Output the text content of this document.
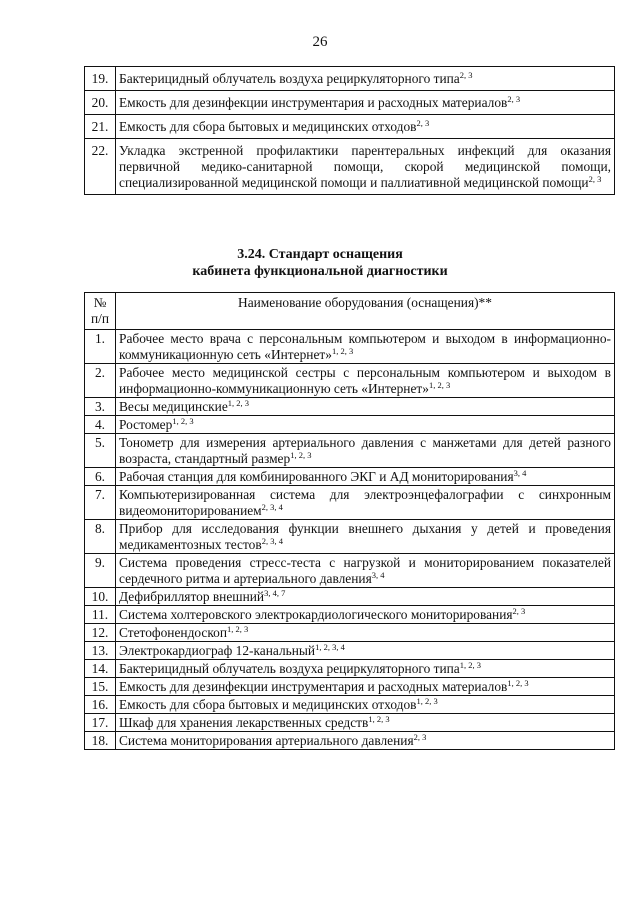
26
19.	Бактерицидный облучатель воздуха рециркуляторного типа$^{2, 3}$
20.	Емкость для дезинфекции инструментария и расходных материалов$^{2, 3}$
21.	Емкость для сбора бытовых и медицинских отходов$^{2, 3}$
22.	Укладка экстренной профилактики парентеральных инфекций для оказания первичной медико-санитарной помощи, скорой медицинской помощи, специализированной медицинской помощи и паллиативной медицинской помощи$^{2, 3}$
3.24. Стандарт оснащения
кабинета функциональной диагностики
№
п/п	Наименование оборудования (оснащения)**
1.	Рабочее место врача с персональным компьютером и выходом в информационно-коммуникационную сеть «Интернет»$^{1, 2, 3}$
2.	Рабочее место медицинской сестры с персональным компьютером и выходом в информационно-коммуникационную сеть «Интернет»$^{1, 2, 3}$
3.	Весы медицинские$^{1, 2, 3}$
4.	Ростомер$^{1, 2, 3}$
5.	Тонометр для измерения артериального давления с манжетами для детей разного возраста, стандартный размер$^{1, 2, 3}$
6.	Рабочая станция для комбинированного ЭКГ и АД мониторирования$^{3, 4}$
7.	Компьютеризированная система для электроэнцефалографии с синхронным видеомониторированием$^{2, 3, 4}$
8.	Прибор для исследования функции внешнего дыхания у детей и проведения медикаментозных тестов$^{2, 3, 4}$
9.	Система проведения стресс-теста с нагрузкой и мониторированием показателей сердечного ритма и артериального давления$^{3, 4}$
10.	Дефибриллятор внешний$^{3, 4, 7}$
11.	Система холтеровского электрокардиологического мониторирования$^{2, 3}$
12.	Стетофонендоскоп$^{1, 2, 3}$
13.	Электрокардиограф 12-канальный$^{1, 2, 3, 4}$
14.	Бактерицидный облучатель воздуха рециркуляторного типа$^{1, 2, 3}$
15.	Емкость для дезинфекции инструментария и расходных материалов$^{1, 2, 3}$
16.	Емкость для сбора бытовых и медицинских отходов$^{1, 2, 3}$
17.	Шкаф для хранения лекарственных средств$^{1, 2, 3}$
18.	Система мониторирования артериального давления$^{2, 3}$
